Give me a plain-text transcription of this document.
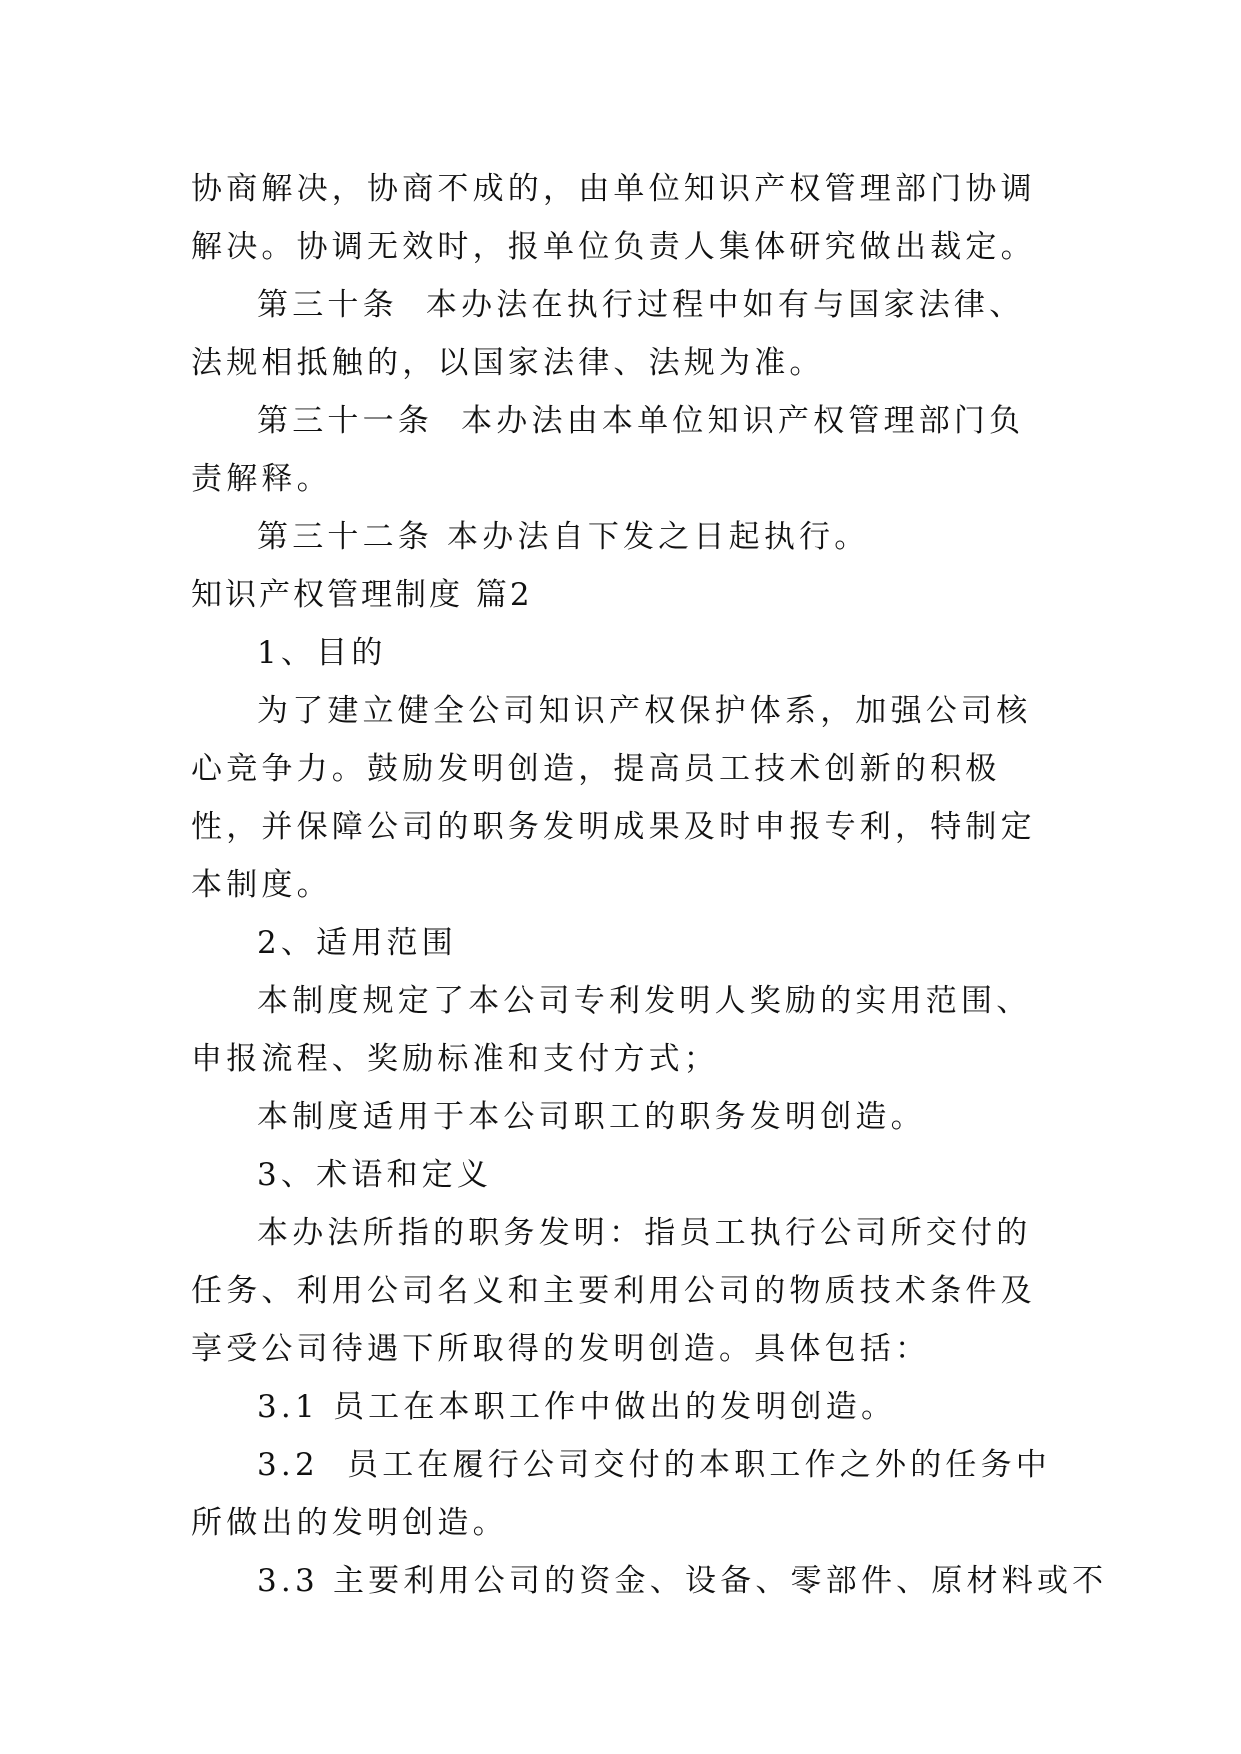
协商解决，协商不成的，由单位知识产权管理部门协调解决。协调无效时，报单位负责人集体研究做出裁定。

第三十条  本办法在执行过程中如有与国家法律、法规相抵触的，以国家法律、法规为准。

第三十一条  本办法由本单位知识产权管理部门负责解释。

第三十二条 本办法自下发之日起执行。

知识产权管理制度 篇2

1、目的

为了建立健全公司知识产权保护体系，加强公司核心竞争力。鼓励发明创造，提高员工技术创新的积极性，并保障公司的职务发明成果及时申报专利，特制定本制度。

2、适用范围

本制度规定了本公司专利发明人奖励的实用范围、申报流程、奖励标准和支付方式；

本制度适用于本公司职工的职务发明创造。

3、术语和定义

本办法所指的职务发明：指员工执行公司所交付的任务、利用公司名义和主要利用公司的物质技术条件及享受公司待遇下所取得的发明创造。具体包括：

3.1 员工在本职工作中做出的发明创造。

3.2  员工在履行公司交付的本职工作之外的任务中所做出的发明创造。

3.3 主要利用公司的资金、设备、零部件、原材料或不
